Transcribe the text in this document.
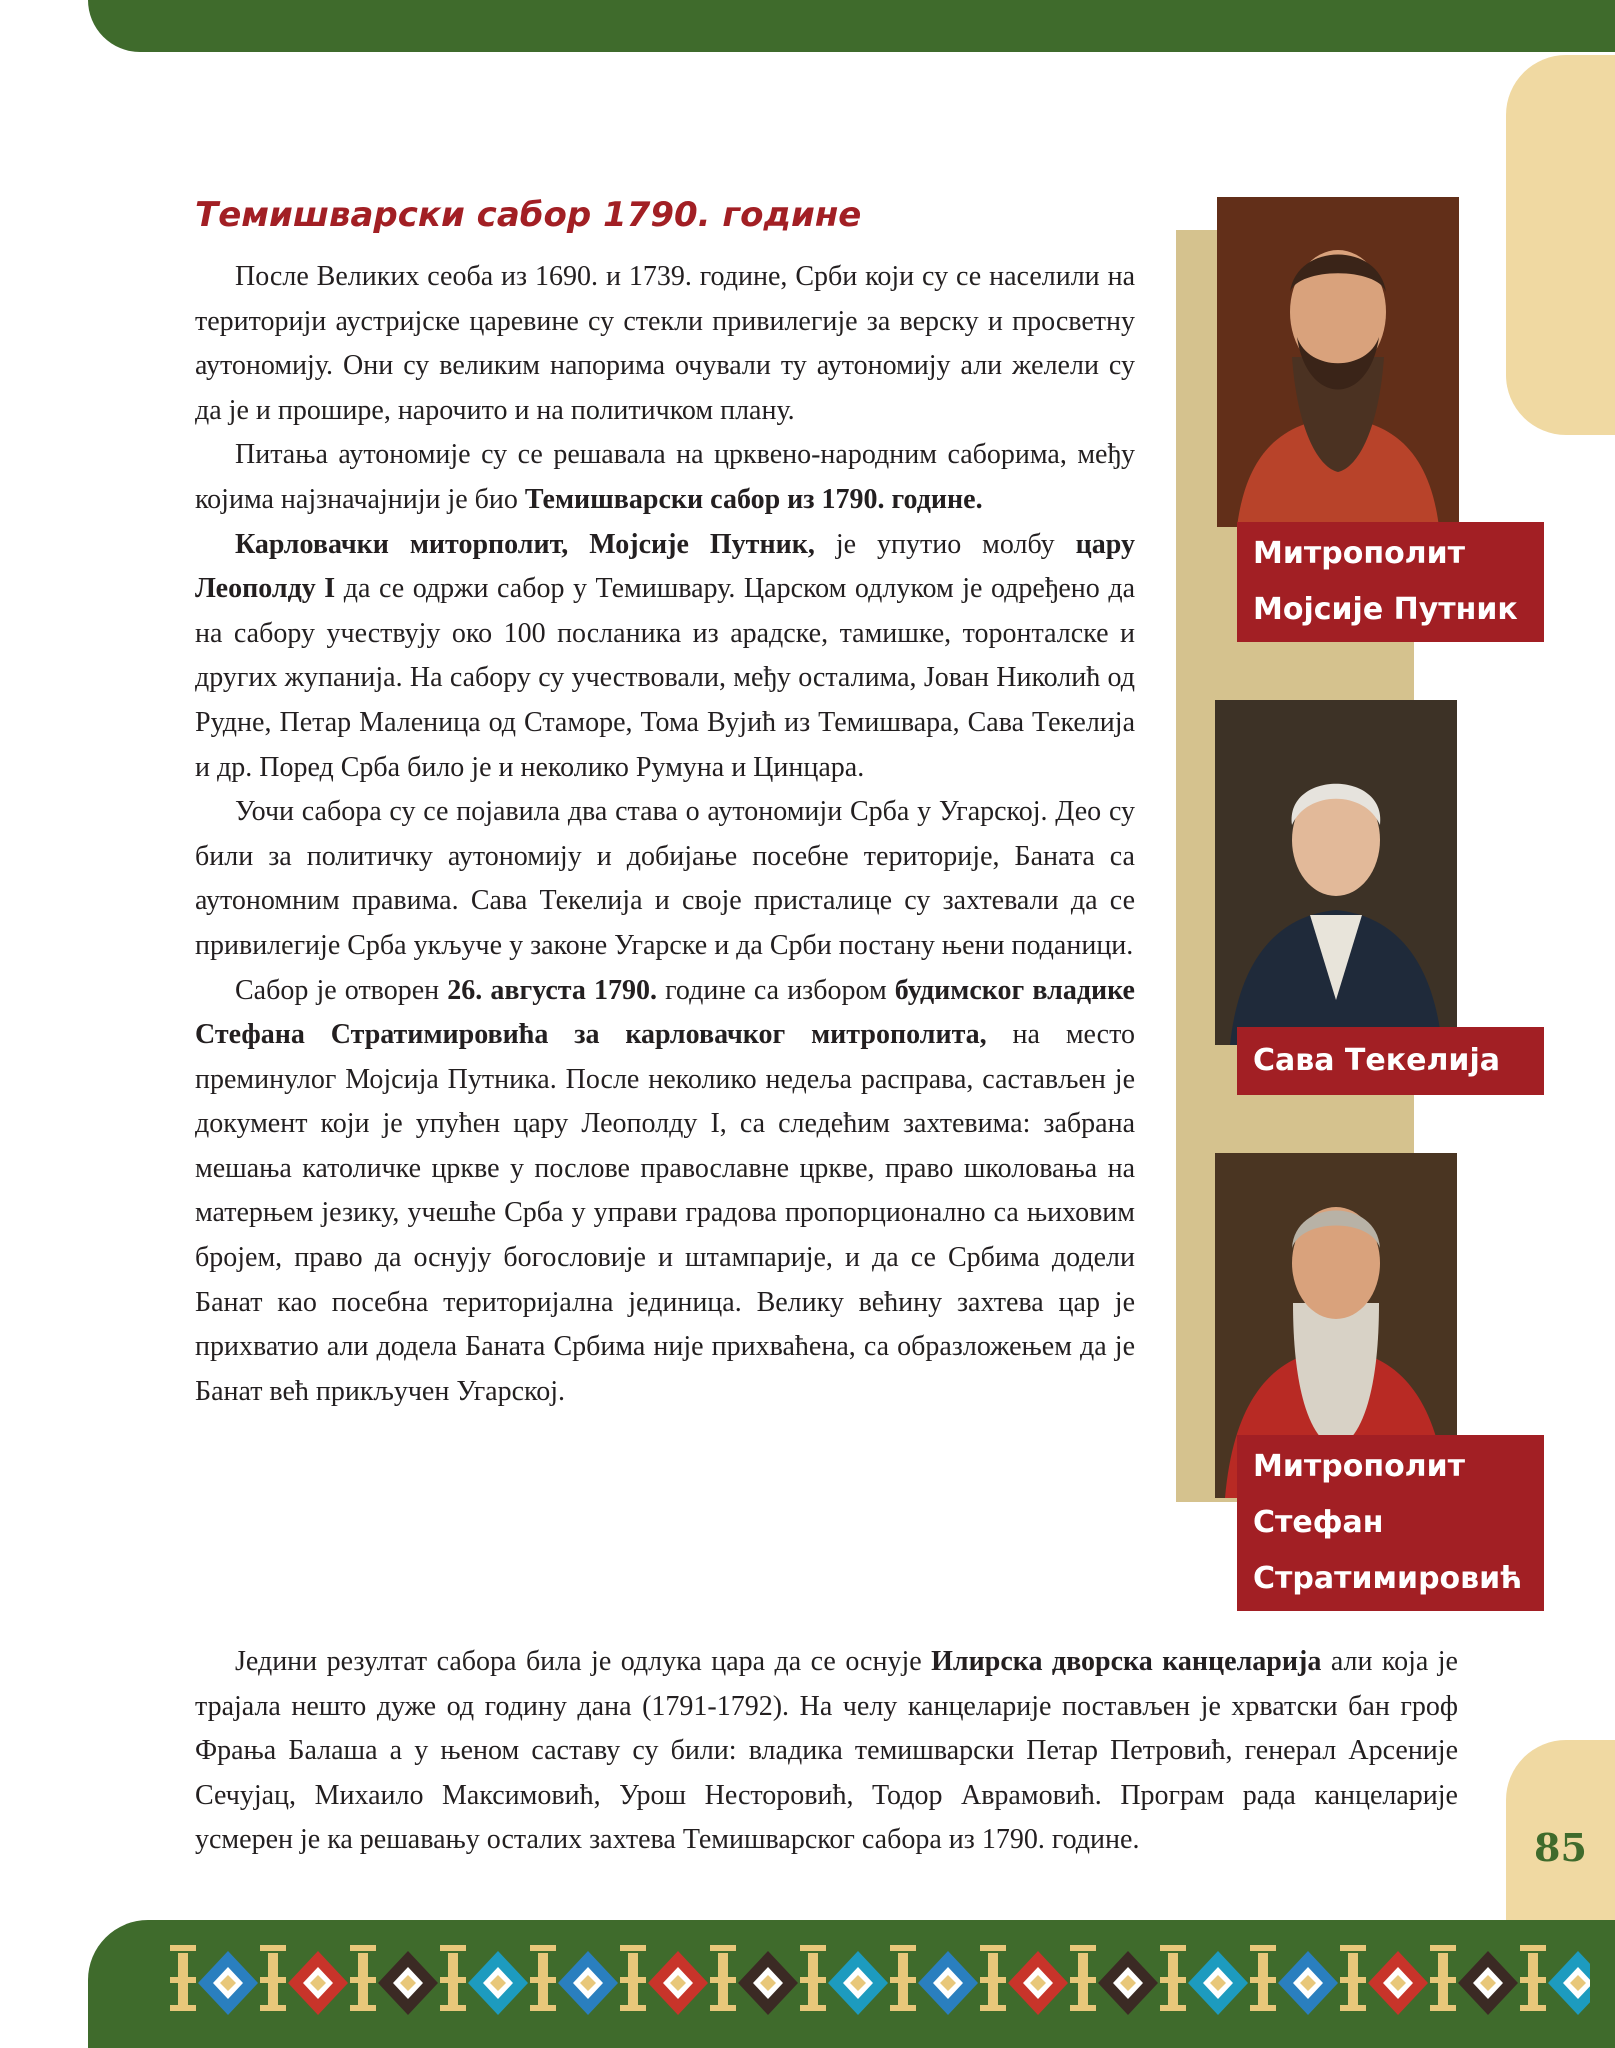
85
Темишварски сабор 1790. године

После Великих сеоба из 1690. и 1739. године, Срби који су се населили на територији аустријске царевине су стекли привилегије за верску и просветну аутономију. Они су великим напорима очували ту аутономију али желели су да је и прошире, нарочито и на политичком плану.

Питања аутономије су се решавала на црквено-народним саборима, међу којима најзначајнији је био Темишварски сабор из 1790. године.

Карловачки миторполит, Мојсије Путник, је упутио молбу цару Леополду I да се одржи сабор у Темишвару. Царском одлуком је одређено да на сабору учествују око 100 посланика из арадске, тамишке, торонталске и других жупанија. На сабору су учествовали, међу осталима, Јован Николић од Рудне, Петар Маленица од Стаморе, Тома Вујић из Темишвара, Сава Текелија и др. Поред Срба било је и неколико Румуна и Цинцара.

Уочи сабора су се појавила два става о аутономији Срба у Угарској. Део су били за политичку аутономију и добијање посебне територије, Баната са аутономним правима. Сава Текелија и своје присталице су захтевали да се привилегије Срба укључе у законе Угарске и да Срби постану њени поданици.

Сабор је отворен 26. августа 1790. године са избором будимског владике Стефана Стратимировића за карловачког митрополита, на место преминулог Мојсија Путника. После неколико недеља расправа, састављен је документ који је упућен цару Леополду I, са следећим захтевима: забрана мешања католичке цркве у послове православне цркве, право школовања на матерњем језику, учешће Срба у управи градова пропорционално са њиховим бројем, право да оснују богословије и штампарије, и да се Србима додели Банат као посебна територијална јединица. Велику већину захтева цар је прихватио али додела Баната Србима није прихваћена, са образложењем да је Банат већ прикључен Угарској.

Једини резултат сабора била је одлука цара да се оснује Илирска дворска канцеларија али која је трајала нешто дуже од годину дана (1791-1792). На челу канцеларије постављен је хрватски бан гроф Фрања Балаша а у њеном саставу су били: владика темишварски Петар Петровић, генерал Арсеније Сечујац, Михаило Максимовић, Урош Несторовић, Тодор Аврамовић. Програм рада канцеларије усмерен је ка решавању осталих захтева Темишварског сабора из 1790. године.

Митрополит
Мојсије Путник
Сава Текелија
Митрополит
Стефан
Стратимировић
